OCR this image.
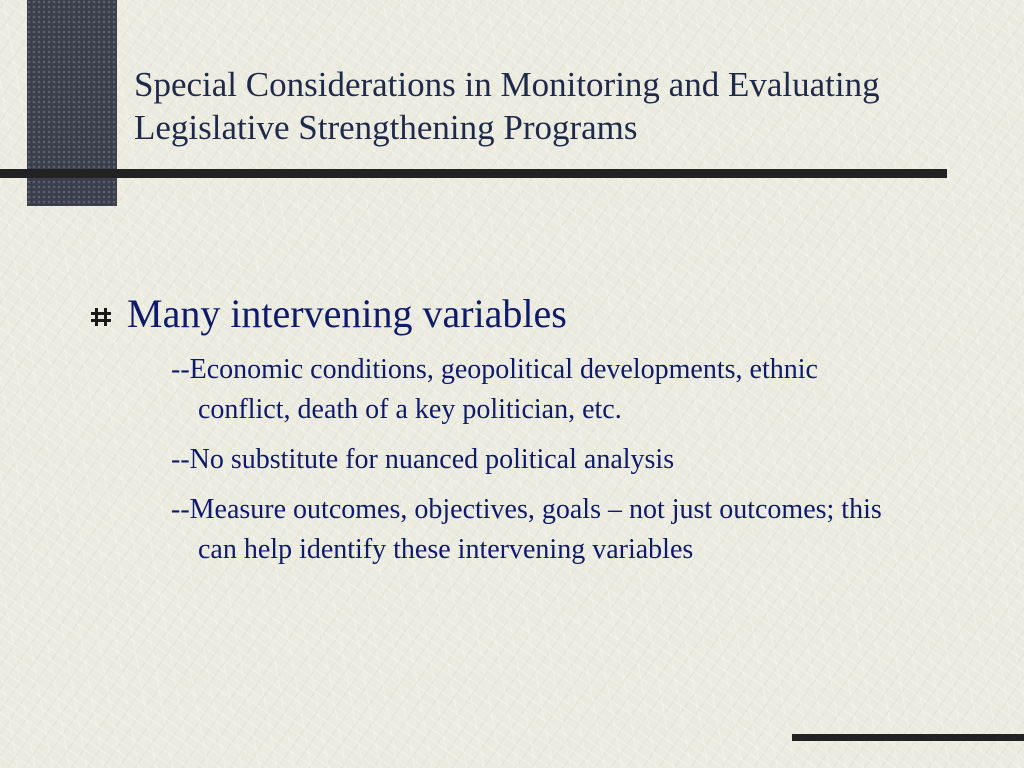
Special Considerations in Monitoring and Evaluating
Legislative Strengthening Programs
Many intervening variables
--Economic conditions, geopolitical developments, ethnic conflict, death of a key politician, etc.
--No substitute for nuanced political analysis
--Measure outcomes, objectives, goals – not just outcomes; this can help identify these intervening variables
